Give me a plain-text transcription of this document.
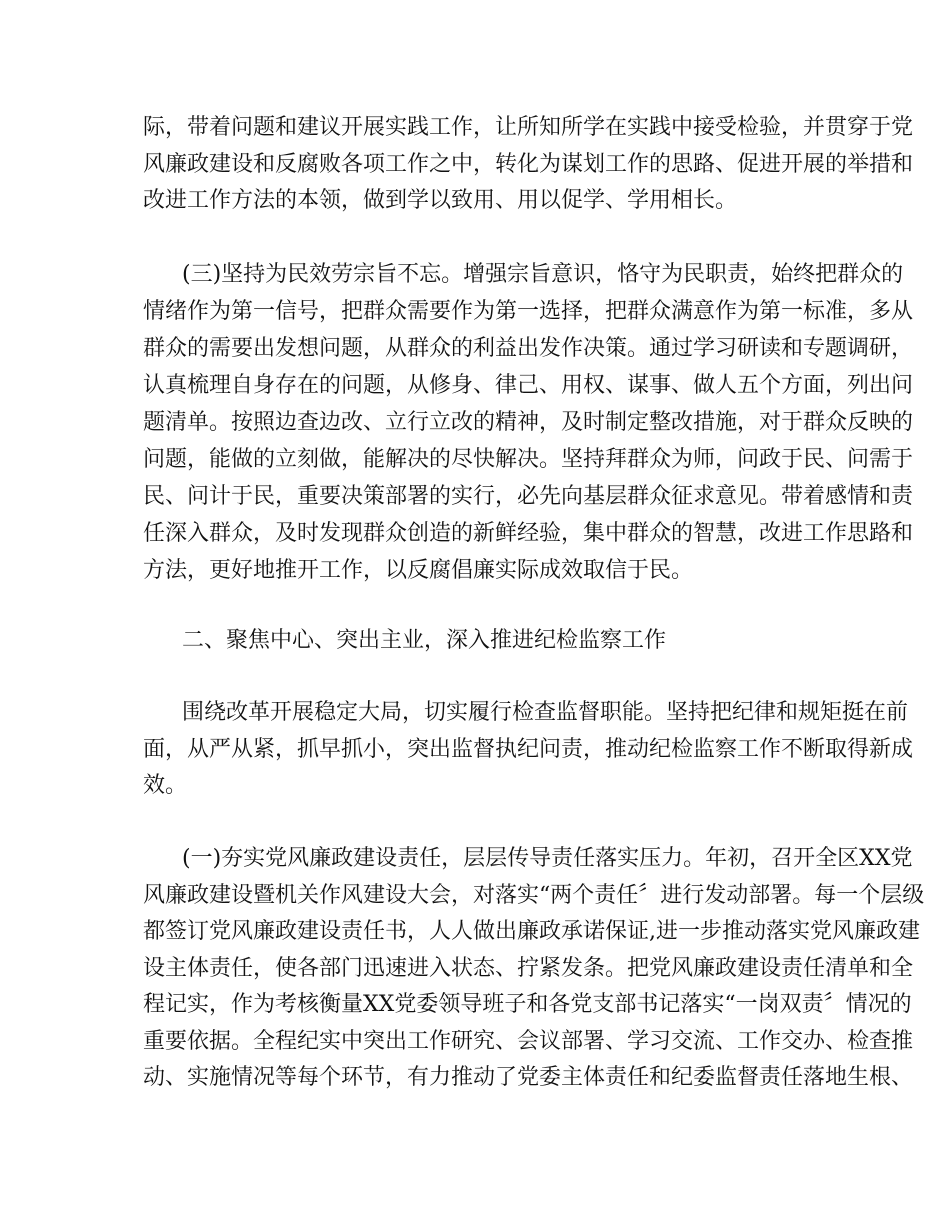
际，带着问题和建议开展实践工作，让所知所学在实践中接受检验，并贯穿于党
风廉政建设和反腐败各项工作之中，转化为谋划工作的思路、促进开展的举措和
改进工作方法的本领，做到学以致用、用以促学、学用相长。
(三)坚持为民效劳宗旨不忘。增强宗旨意识，恪守为民职责，始终把群众的
情绪作为第一信号，把群众需要作为第一选择，把群众满意作为第一标准，多从
群众的需要出发想问题，从群众的利益出发作决策。通过学习研读和专题调研，
认真梳理自身存在的问题，从修身、律己、用权、谋事、做人五个方面，列出问
题清单。按照边查边改、立行立改的精神，及时制定整改措施，对于群众反映的
问题，能做的立刻做，能解决的尽快解决。坚持拜群众为师，问政于民、问需于
民、问计于民，重要决策部署的实行，必先向基层群众征求意见。带着感情和责
任深入群众，及时发现群众创造的新鲜经验，集中群众的智慧，改进工作思路和
方法，更好地推开工作，以反腐倡廉实际成效取信于民。
二、聚焦中心、突出主业，深入推进纪检监察工作
围绕改革开展稳定大局，切实履行检查监督职能。坚持把纪律和规矩挺在前
面，从严从紧，抓早抓小，突出监督执纪问责，推动纪检监察工作不断取得新成
效。
(一)夯实党风廉政建设责任，层层传导责任落实压力。年初，召开全区XX党
风廉政建设暨机关作风建设大会，对落实“两个责任〞进行发动部署。每一个层级
都签订党风廉政建设责任书，人人做出廉政承诺保证,进一步推动落实党风廉政建
设主体责任，使各部门迅速进入状态、拧紧发条。把党风廉政建设责任清单和全
程记实，作为考核衡量XX党委领导班子和各党支部书记落实“一岗双责〞情况的
重要依据。全程纪实中突出工作研究、会议部署、学习交流、工作交办、检查推
动、实施情况等每个环节，有力推动了党委主体责任和纪委监督责任落地生根、
